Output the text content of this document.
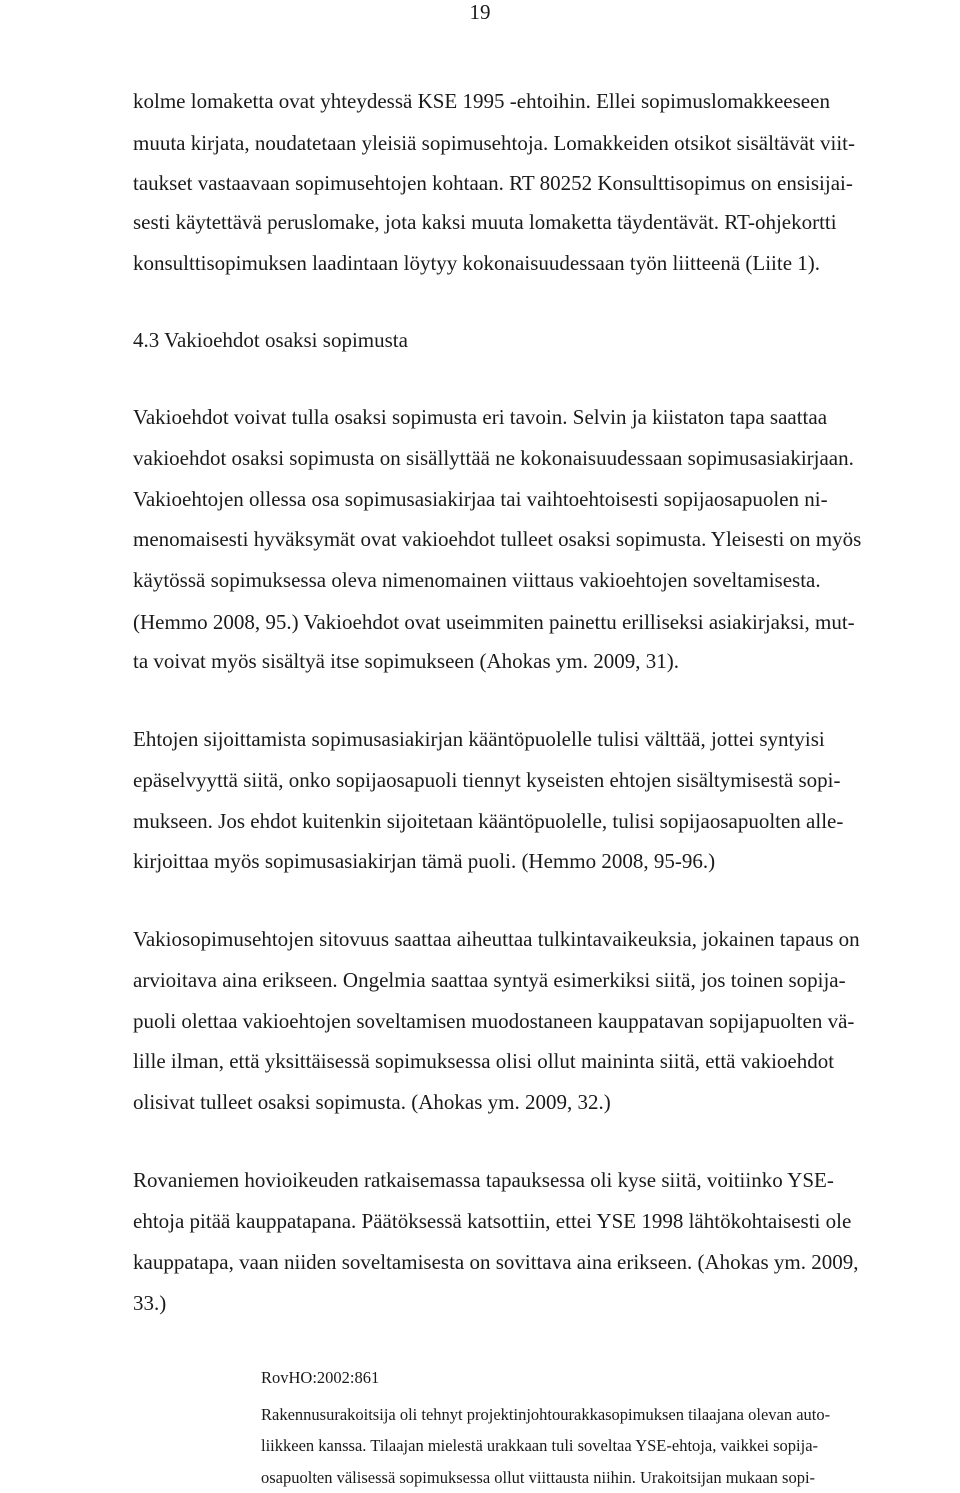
19
kolme lomaketta ovat yhteydessä KSE 1995 -ehtoihin. Ellei sopimuslomakkeeseen
muuta kirjata, noudatetaan yleisiä sopimusehtoja. Lomakkeiden otsikot sisältävät viit-
taukset vastaavaan sopimusehtojen kohtaan. RT 80252 Konsulttisopimus on ensisijai-
sesti käytettävä peruslomake, jota kaksi muuta lomaketta täydentävät. RT-ohjekortti
konsulttisopimuksen laadintaan löytyy kokonaisuudessaan työn liitteenä (Liite 1).
4.3 Vakioehdot osaksi sopimusta
Vakioehdot voivat tulla osaksi sopimusta eri tavoin. Selvin ja kiistaton tapa saattaa
vakioehdot osaksi sopimusta on sisällyttää ne kokonaisuudessaan sopimusasiakirjaan.
Vakioehtojen ollessa osa sopimusasiakirjaa tai vaihtoehtoisesti sopijaosapuolen ni-
menomaisesti hyväksymät ovat vakioehdot tulleet osaksi sopimusta. Yleisesti on myös
käytössä sopimuksessa oleva nimenomainen viittaus vakioehtojen soveltamisesta.
(Hemmo 2008, 95.) Vakioehdot ovat useimmiten painettu erilliseksi asiakirjaksi, mut-
ta voivat myös sisältyä itse sopimukseen (Ahokas ym. 2009, 31).
Ehtojen sijoittamista sopimusasiakirjan kääntöpuolelle tulisi välttää, jottei syntyisi
epäselvyyttä siitä, onko sopijaosapuoli tiennyt kyseisten ehtojen sisältymisestä sopi-
mukseen. Jos ehdot kuitenkin sijoitetaan kääntöpuolelle, tulisi sopijaosapuolten alle-
kirjoittaa myös sopimusasiakirjan tämä puoli. (Hemmo 2008, 95-96.)
Vakiosopimusehtojen sitovuus saattaa aiheuttaa tulkintavaikeuksia, jokainen tapaus on
arvioitava aina erikseen. Ongelmia saattaa syntyä esimerkiksi siitä, jos toinen sopija-
puoli olettaa vakioehtojen soveltamisen muodostaneen kauppatavan sopijapuolten vä-
lille ilman, että yksittäisessä sopimuksessa olisi ollut maininta siitä, että vakioehdot
olisivat tulleet osaksi sopimusta. (Ahokas ym. 2009, 32.)
Rovaniemen hovioikeuden ratkaisemassa tapauksessa oli kyse siitä, voitiinko YSE-
ehtoja pitää kauppatapana. Päätöksessä katsottiin, ettei YSE 1998 lähtökohtaisesti ole
kauppatapa, vaan niiden soveltamisesta on sovittava aina erikseen. (Ahokas ym. 2009,
33.)
RovHO:2002:861
Rakennusurakoitsija oli tehnyt projektinjohtourakkasopimuksen tilaajana olevan auto-
liikkeen kanssa. Tilaajan mielestä urakkaan tuli soveltaa YSE-ehtoja, vaikkei sopija-
osapuolten välisessä sopimuksessa ollut viittausta niihin. Urakoitsijan mukaan sopi-
